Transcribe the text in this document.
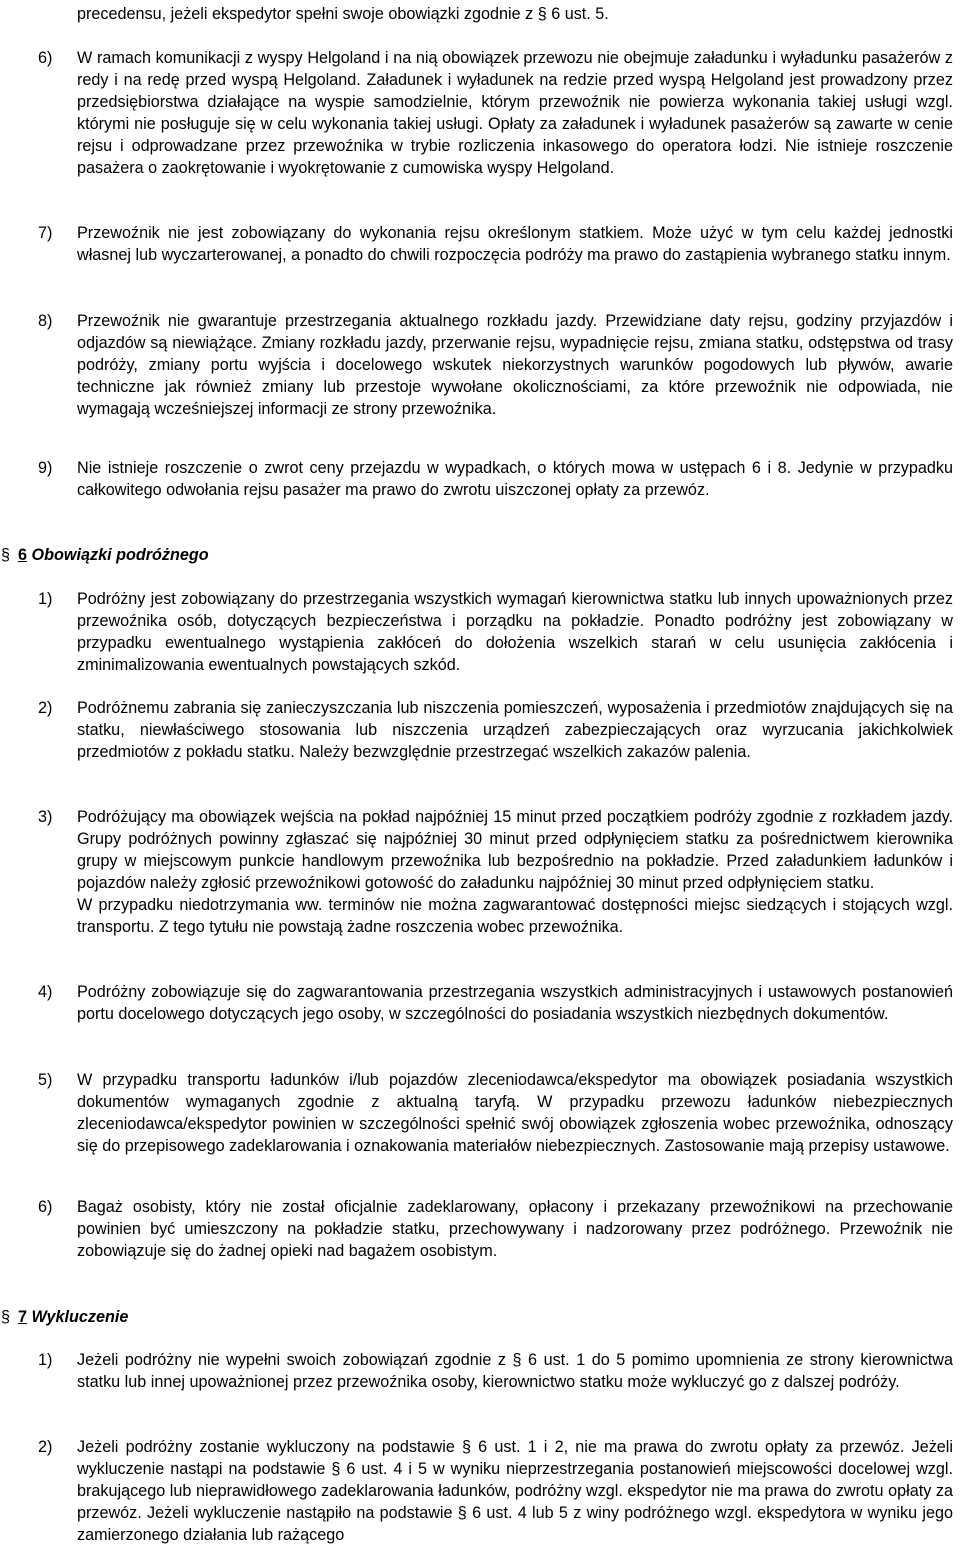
precedensu, jeżeli ekspedytor spełni swoje obowiązki zgodnie z § 6 ust. 5.
6) W ramach komunikacji z wyspy Helgoland i na nią obowiązek przewozu nie obejmuje załadunku i wyładunku pasażerów z redy i na redę przed wyspą Helgoland. Załadunek i wyładunek na redzie przed wyspą Helgoland jest prowadzony przez przedsiębiorstwa działające na wyspie samodzielnie, którym przewoźnik nie powierza wykonania takiej usługi wzgl. którymi nie posługuje się w celu wykonania takiej usługi. Opłaty za załadunek i wyładunek pasażerów są zawarte w cenie rejsu i odprowadzane przez przewoźnika w trybie rozliczenia inkasowego do operatora łodzi. Nie istnieje roszczenie pasażera o zaokrętowanie i wyokrętowanie z cumowiska wyspy Helgoland.
7) Przewoźnik nie jest zobowiązany do wykonania rejsu określonym statkiem. Może użyć w tym celu każdej jednostki własnej lub wyczarterowanej, a ponadto do chwili rozpoczęcia podróży ma prawo do zastąpienia wybranego statku innym.
8) Przewoźnik nie gwarantuje przestrzegania aktualnego rozkładu jazdy. Przewidziane daty rejsu, godziny przyjazdów i odjazdów są niewiążące. Zmiany rozkładu jazdy, przerwanie rejsu, wypadnięcie rejsu, zmiana statku, odstępstwa od trasy podróży, zmiany portu wyjścia i docelowego wskutek niekorzystnych warunków pogodowych lub pływów, awarie techniczne jak również zmiany lub przestoje wywołane okolicznościami, za które przewoźnik nie odpowiada, nie wymagają wcześniejszej informacji ze strony przewoźnika.
9) Nie istnieje roszczenie o zwrot ceny przejazdu w wypadkach, o których mowa w ustępach 6 i 8. Jedynie w przypadku całkowitego odwołania rejsu pasażer ma prawo do zwrotu uiszczonej opłaty za przewóz.
§ 6 Obowiązki podróżnego
1) Podróżny jest zobowiązany do przestrzegania wszystkich wymagań kierownictwa statku lub innych upoważnionych przez przewoźnika osób, dotyczących bezpieczeństwa i porządku na pokładzie. Ponadto podróżny jest zobowiązany w przypadku ewentualnego wystąpienia zakłóceń do dołożenia wszelkich starań w celu usunięcia zakłócenia i zminimalizowania ewentualnych powstających szkód.
2) Podróżnemu zabrania się zanieczyszczania lub niszczenia pomieszczeń, wyposażenia i przedmiotów znajdujących się na statku, niewłaściwego stosowania lub niszczenia urządzeń zabezpieczających oraz wyrzucania jakichkolwiek przedmiotów z pokładu statku. Należy bezwzględnie przestrzegać wszelkich zakazów palenia.
3) Podróżujący ma obowiązek wejścia na pokład najpóźniej 15 minut przed początkiem podróży zgodnie z rozkładem jazdy. Grupy podróżnych powinny zgłaszać się najpóźniej 30 minut przed odpłynięciem statku za pośrednictwem kierownika grupy w miejscowym punkcie handlowym przewoźnika lub bezpośrednio na pokładzie. Przed załadunkiem ładunków i pojazdów należy zgłosić przewoźnikowi gotowość do załadunku najpóźniej 30 minut przed odpłynięciem statku.
W przypadku niedotrzymania ww. terminów nie można zagwarantować dostępności miejsc siedzących i stojących wzgl. transportu. Z tego tytułu nie powstają żadne roszczenia wobec przewoźnika.
4) Podróżny zobowiązuje się do zagwarantowania przestrzegania wszystkich administracyjnych i ustawowych postanowień portu docelowego dotyczących jego osoby, w szczególności do posiadania wszystkich niezbędnych dokumentów.
5) W przypadku transportu ładunków i/lub pojazdów zleceniodawca/ekspedytor ma obowiązek posiadania wszystkich dokumentów wymaganych zgodnie z aktualną taryfą. W przypadku przewozu ładunków niebezpiecznych zleceniodawca/ekspedytor powinien w szczególności spełnić swój obowiązek zgłoszenia wobec przewoźnika, odnoszący się do przepisowego zadeklarowania i oznakowania materiałów niebezpiecznych. Zastosowanie mają przepisy ustawowe.
6) Bagaż osobisty, który nie został oficjalnie zadeklarowany, opłacony i przekazany przewoźnikowi na przechowanie powinien być umieszczony na pokładzie statku, przechowywany i nadzorowany przez podróżnego. Przewoźnik nie zobowiązuje się do żadnej opieki nad bagażem osobistym.
§ 7 Wykluczenie
1) Jeżeli podróżny nie wypełni swoich zobowiązań zgodnie z § 6 ust. 1 do 5 pomimo upomnienia ze strony kierownictwa statku lub innej upoważnionej przez przewoźnika osoby, kierownictwo statku może wykluczyć go z dalszej podróży.
2) Jeżeli podróżny zostanie wykluczony na podstawie § 6 ust. 1 i 2, nie ma prawa do zwrotu opłaty za przewóz. Jeżeli wykluczenie nastąpi na podstawie § 6 ust. 4 i 5 w wyniku nieprzestrzegania postanowień miejscowości docelowej wzgl. brakującego lub nieprawidłowego zadeklarowania ładunków, podróżny wzgl. ekspedytor nie ma prawa do zwrotu opłaty za przewóz. Jeżeli wykluczenie nastąpiło na podstawie § 6 ust. 4 lub 5 z winy podróżnego wzgl. ekspedytora w wyniku jego zamierzonego działania lub rażącego
